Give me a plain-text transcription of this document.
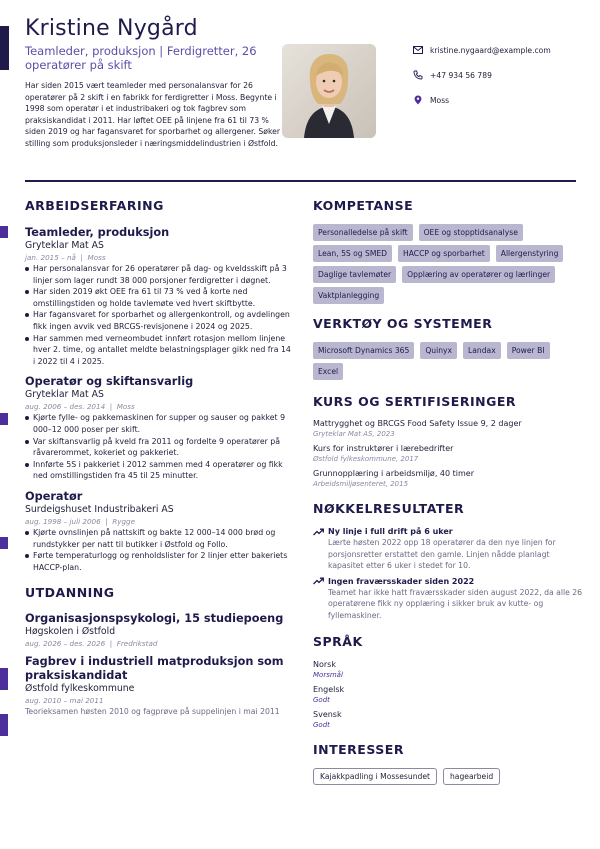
Kristine Nygård
Teamleder, produksjon | Ferdigretter, 26 operatører på skift
Har siden 2015 vært teamleder med personalansvar for 26 operatører på 2 skift i en fabrikk for ferdigretter i Moss. Begynte i 1998 som operatør i et industribakeri og tok fagbrev som praksiskandidat i 2011. Har løftet OEE på linjene fra 61 til 73 % siden 2019 og har fagansvaret for sporbarhet og allergener. Søker stilling som produksjonsleder i næringsmiddelindustrien i Østfold.
kristine.nygaard@example.com
+47 934 56 789
Moss
ARBEIDSERFARING
Teamleder, produksjon
Gryteklar Mat AS
jan. 2015 – nå  |  Moss
Har personalansvar for 26 operatører på dag- og kveldsskift på 3 linjer som lager rundt 38 000 porsjoner ferdigretter i døgnet.
Har siden 2019 økt OEE fra 61 til 73 % ved å korte ned omstillingstiden og holde tavlemøte ved hvert skiftbytte.
Har fagansvaret for sporbarhet og allergenkontroll, og avdelingen fikk ingen avvik ved BRCGS-revisjonene i 2024 og 2025.
Har sammen med verneombudet innført rotasjon mellom linjene hver 2. time, og antallet meldte belastningsplager gikk ned fra 14 i 2022 til 4 i 2025.
Operatør og skiftansvarlig
Gryteklar Mat AS
aug. 2006 – des. 2014  |  Moss
Kjørte fylle- og pakkemaskinen for supper og sauser og pakket 9 000–12 000 poser per skift.
Var skiftansvarlig på kveld fra 2011 og fordelte 9 operatører på råvarerommet, kokeriet og pakkeriet.
Innførte 5S i pakkeriet i 2012 sammen med 4 operatører og fikk ned omstillingstiden fra 45 til 25 minutter.
Operatør
Surdeigshuset Industribakeri AS
aug. 1998 – juli 2006  |  Rygge
Kjørte ovnslinjen på nattskift og bakte 12 000–14 000 brød og rundstykker per natt til butikker i Østfold og Follo.
Førte temperaturlogg og renholdslister for 2 linjer etter bakeriets HACCP-plan.
UTDANNING
Organisasjonspsykologi, 15 studiepoeng
Høgskolen i Østfold
aug. 2026 – des. 2026  |  Fredrikstad
Fagbrev i industriell matproduksjon som praksiskandidat
Østfold fylkeskommune
aug. 2010 – mai 2011
Teorieksamen høsten 2010 og fagprøve på suppelinjen i mai 2011
KOMPETANSE
Personalledelse på skift	OEE og stopptidsanalyse
Lean, 5S og SMED	HACCP og sporbarhet	Allergenstyring
Daglige tavlemøter	Opplæring av operatører og lærlinger
Vaktplanlegging
VERKTØY OG SYSTEMER
Microsoft Dynamics 365	Quinyx	Landax	Power BI
Excel
KURS OG SERTIFISERINGER
Mattrygghet og BRCGS Food Safety Issue 9, 2 dager
Gryteklar Mat AS, 2023
Kurs for instruktører i lærebedrifter
Østfold fylkeskommune, 2017
Grunnopplæring i arbeidsmiljø, 40 timer
Arbeidsmiljøsenteret, 2015
NØKKELRESULTATER
Ny linje i full drift på 6 uker
Lærte høsten 2022 opp 18 operatører da den nye linjen for porsjonsretter erstattet den gamle. Linjen nådde planlagt kapasitet etter 6 uker i stedet for 10.
Ingen fraværsskader siden 2022
Teamet har ikke hatt fraværsskader siden august 2022, da alle 26 operatørene fikk ny opplæring i sikker bruk av kutte- og fyllemaskiner.
SPRÅK
Norsk
Morsmål
Engelsk
Godt
Svensk
Godt
INTERESSER
Kajakkpadling i Mossesundet	hagearbeid
